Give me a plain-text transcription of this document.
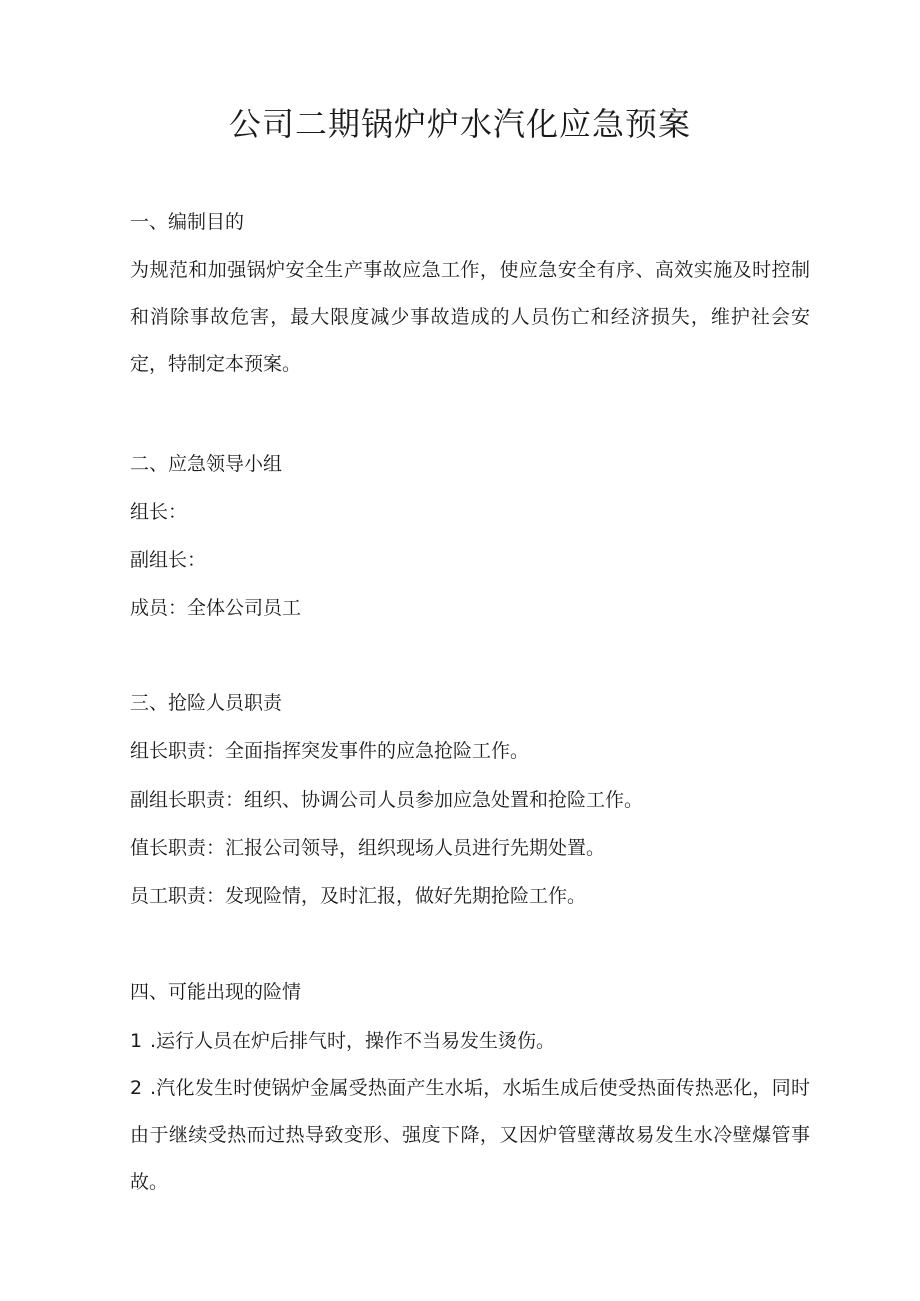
公司二期锅炉炉水汽化应急预案
一、编制目的
为规范和加强锅炉安全生产事故应急工作，使应急安全有序、高效实施及时控制和消除事故危害，最大限度减少事故造成的人员伤亡和经济损失，维护社会安定，特制定本预案。
二、应急领导小组
组长：
副组长：
成员：全体公司员工
三、抢险人员职责
组长职责：全面指挥突发事件的应急抢险工作。
副组长职责：组织、协调公司人员参加应急处置和抢险工作。
值长职责：汇报公司领导，组织现场人员进行先期处置。
员工职责：发现险情，及时汇报，做好先期抢险工作。
四、可能出现的险情
1 .运行人员在炉后排气时，操作不当易发生烫伤。
2 .汽化发生时使锅炉金属受热面产生水垢，水垢生成后使受热面传热恶化，同时由于继续受热而过热导致变形、强度下降，又因炉管壁薄故易发生水冷壁爆管事故。
